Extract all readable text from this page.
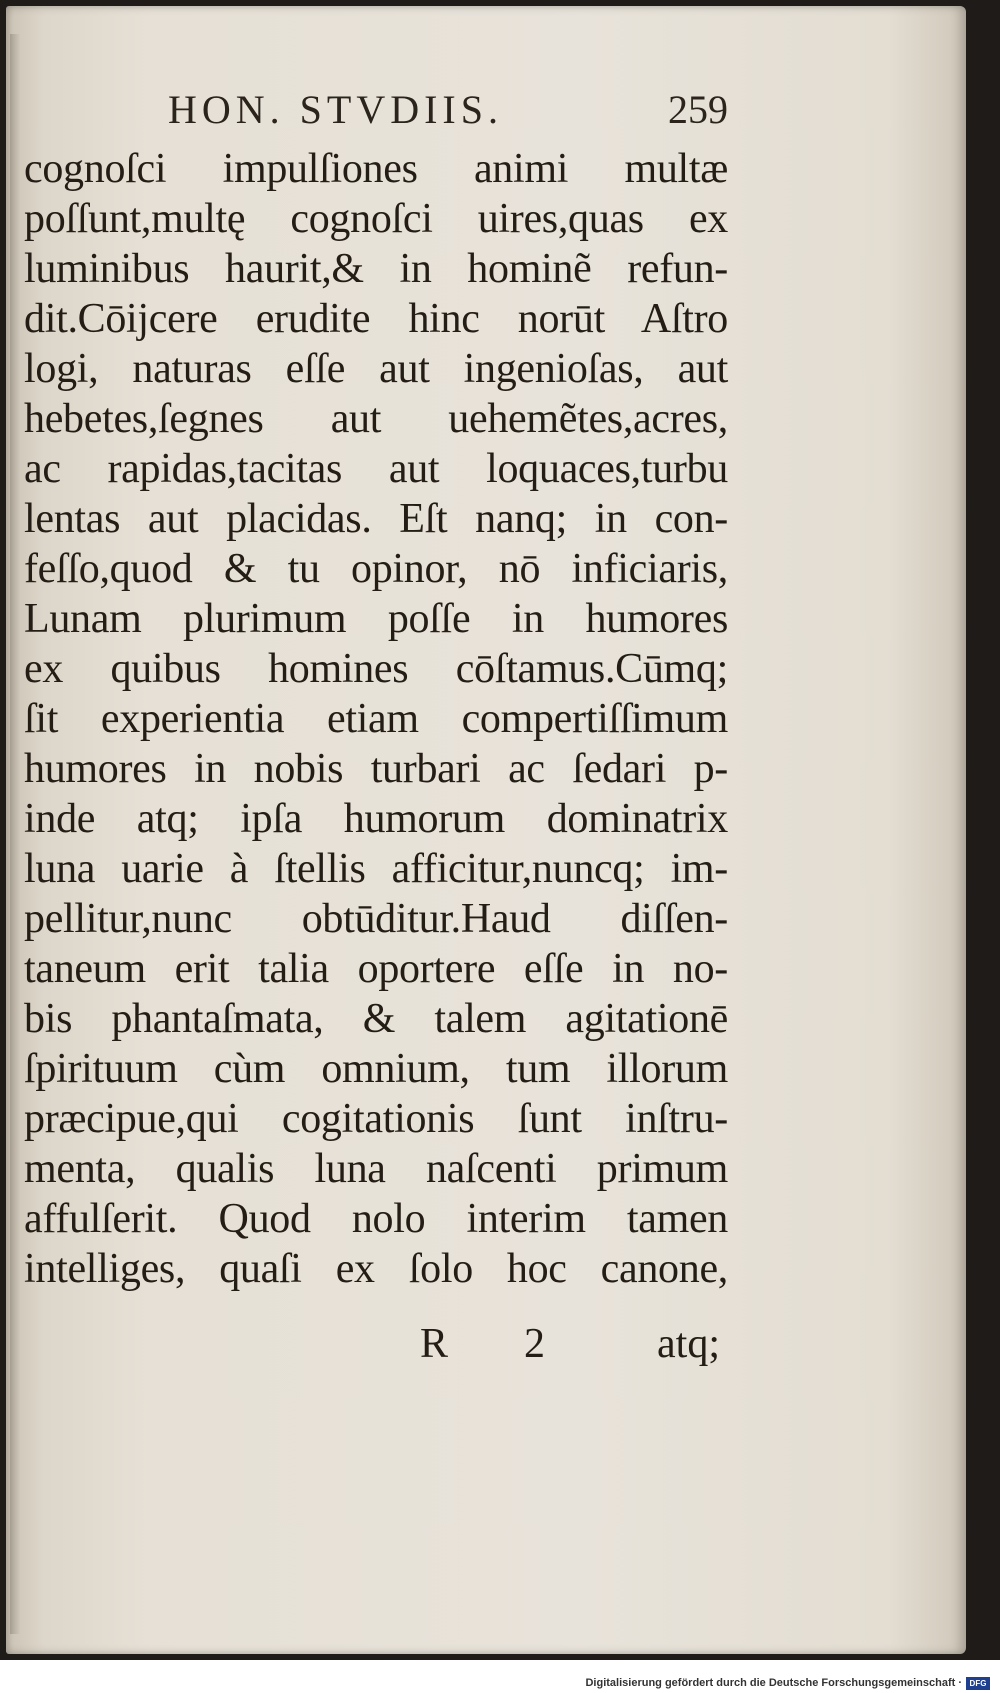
HON. STVDIIS.	259
cognoſci impulſiones animi multæ
poſſunt,multę cognoſci uires,quas ex
luminibus haurit,& in hominẽ refun-
dit.Cōijcere erudite hinc norūt Aſtro
logi, naturas eſſe aut ingenioſas, aut
hebetes,ſegnes aut uehemẽtes,acres,
ac rapidas,tacitas aut loquaces,turbu
lentas aut placidas. Eſt nanq; in con-
feſſo,quod & tu opinor, nō inficiaris,
Lunam plurimum poſſe in humores
ex quibus homines cōſtamus.Cūmq;
ſit experientia etiam compertiſſimum
humores in nobis turbari ac ſedari p-
inde atq; ipſa humorum dominatrix
luna uarie à ſtellis afficitur,nuncq; im-
pellitur,nunc obtūditur.Haud diſſen-
taneum erit talia oportere eſſe in no-
bis phantaſmata, & talem agitationē
ſpirituum cùm omnium, tum illorum
præcipue,qui cogitationis ſunt inſtru-
menta, qualis luna naſcenti primum
affulſerit. Quod nolo interim tamen
intelliges, quaſi ex ſolo hoc canone,
R 2	atq;
Digitalisierung gefördert durch die Deutsche Forschungsgemeinschaft · DFG
